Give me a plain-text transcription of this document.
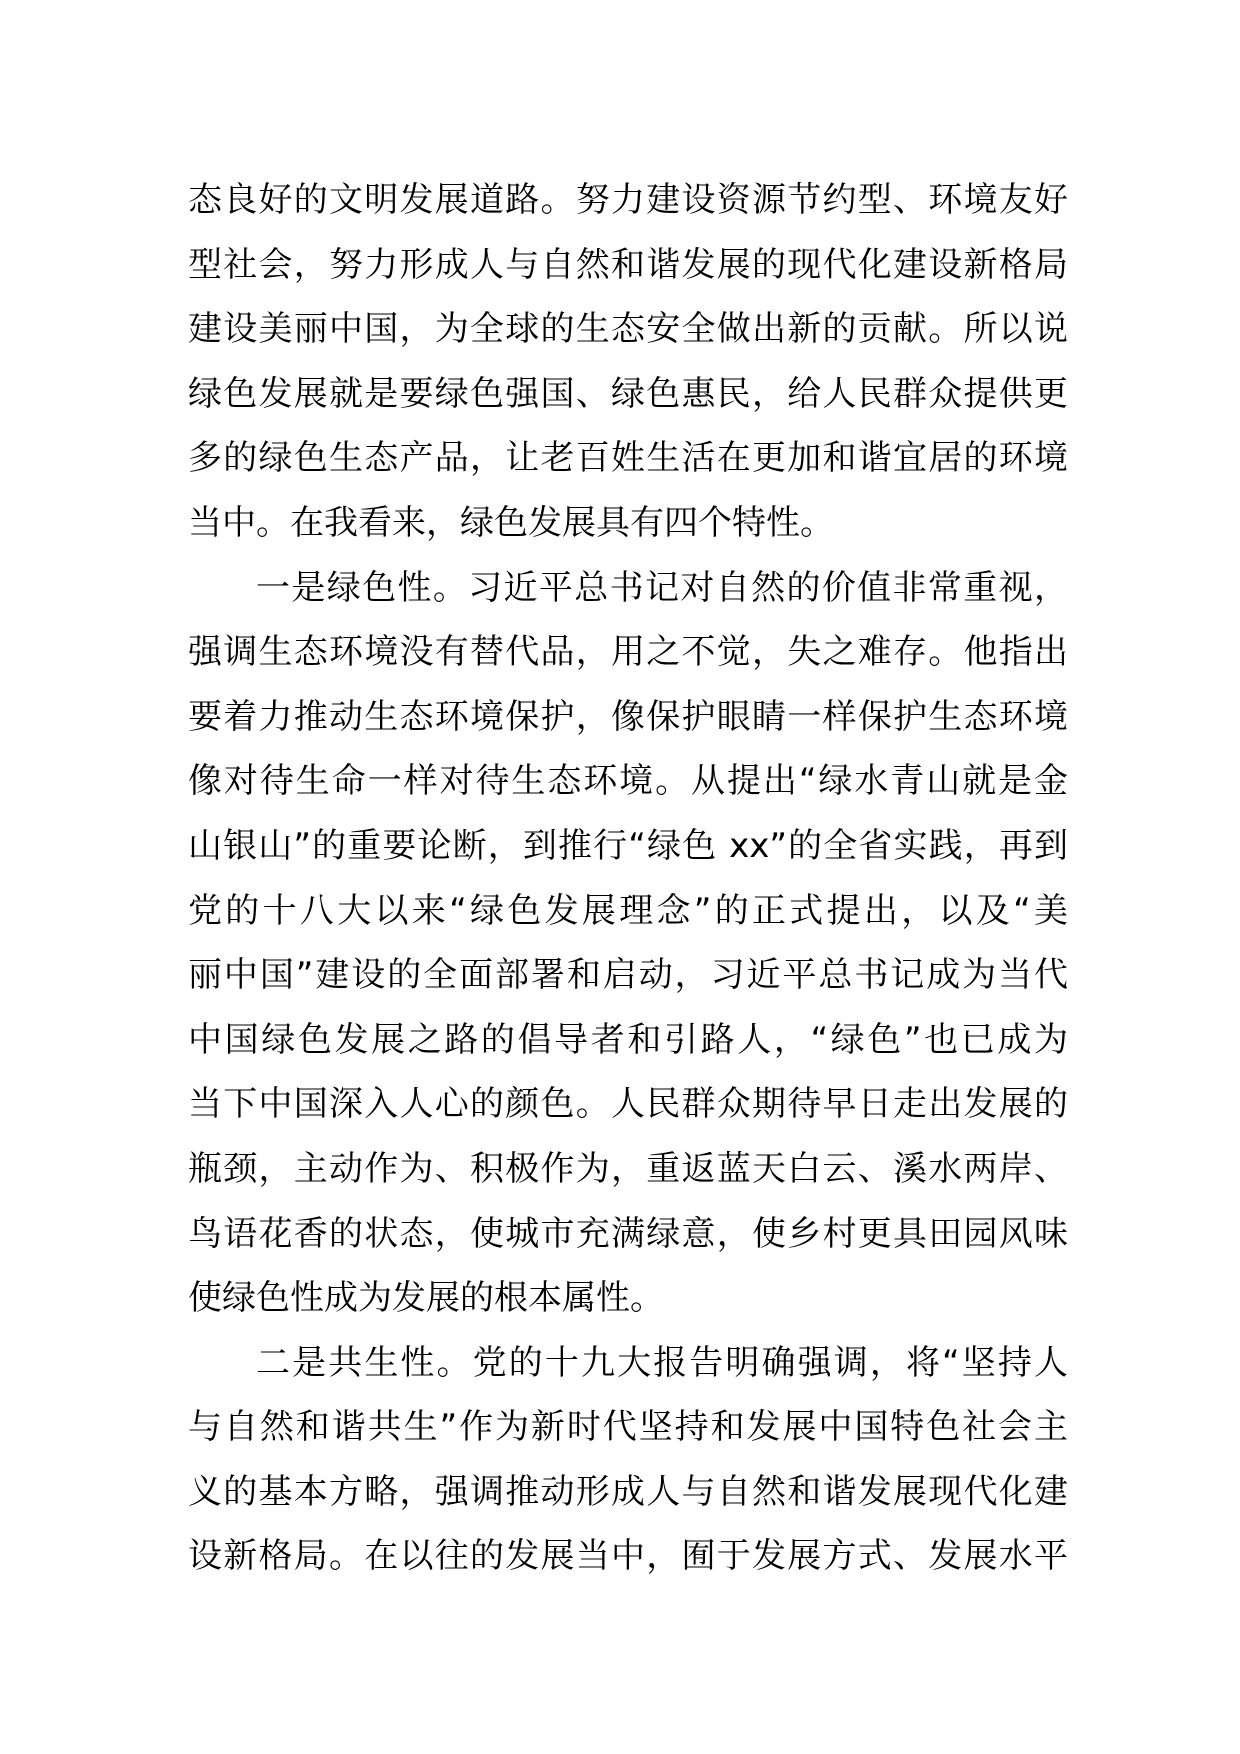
态良好的文明发展道路。努力建设资源节约型、环境友好
型社会，努力形成人与自然和谐发展的现代化建设新格局
建设美丽中国，为全球的生态安全做出新的贡献。所以说
绿色发展就是要绿色强国、绿色惠民，给人民群众提供更
多的绿色生态产品，让老百姓生活在更加和谐宜居的环境
当中。在我看来，绿色发展具有四个特性。
一是绿色性。习近平总书记对自然的价值非常重视，
强调生态环境没有替代品，用之不觉，失之难存。他指出
要着力推动生态环境保护，像保护眼睛一样保护生态环境
像对待生命一样对待生态环境。从提出“绿水青山就是金
山银山”的重要论断，到推行“绿色 xx”的全省实践，再到
党的十八大以来“绿色发展理念”的正式提出，以及“美
丽中国”建设的全面部署和启动，习近平总书记成为当代
中国绿色发展之路的倡导者和引路人，“绿色”也已成为
当下中国深入人心的颜色。人民群众期待早日走出发展的
瓶颈，主动作为、积极作为，重返蓝天白云、溪水两岸、
鸟语花香的状态，使城市充满绿意，使乡村更具田园风味
使绿色性成为发展的根本属性。
二是共生性。党的十九大报告明确强调，将“坚持人
与自然和谐共生”作为新时代坚持和发展中国特色社会主
义的基本方略，强调推动形成人与自然和谐发展现代化建
设新格局。在以往的发展当中，囿于发展方式、发展水平
